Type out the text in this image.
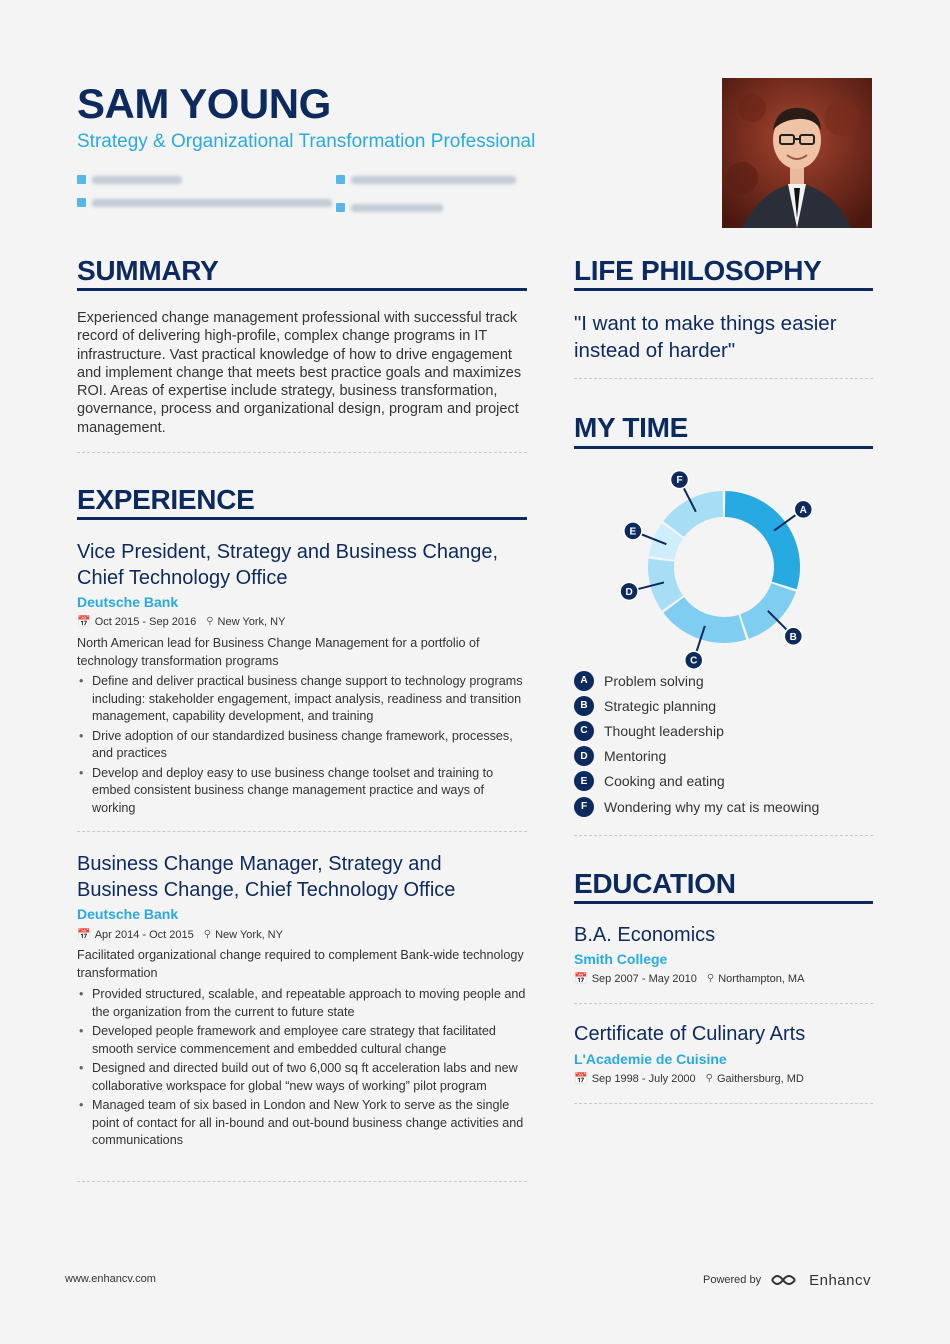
SAM YOUNG
Strategy & Organizational Transformation Professional
SUMMARY
Experienced change management professional with successful track record of delivering high-profile, complex change programs in IT infrastructure. Vast practical knowledge of how to drive engagement and implement change that meets best practice goals and maximizes ROI. Areas of expertise include strategy, business transformation, governance, process and organizational design, program and project management.
EXPERIENCE
Vice President, Strategy and Business Change, Chief Technology Office
Deutsche Bank
📅 Oct 2015 - Sep 2016 ⚲ New York, NY
North American lead for Business Change Management for a portfolio of technology transformation programs
• Define and deliver practical business change support to technology programs including: stakeholder engagement, impact analysis, readiness and transition management, capability development, and training
• Drive adoption of our standardized business change framework, processes, and practices
• Develop and deploy easy to use business change toolset and training to embed consistent business change management practice and ways of working
Business Change Manager, Strategy and Business Change, Chief Technology Office
Deutsche Bank
📅 Apr 2014 - Oct 2015 ⚲ New York, NY
Facilitated organizational change required to complement Bank-wide technology transformation
• Provided structured, scalable, and repeatable approach to moving people and the organization from the current to future state
• Developed people framework and employee care strategy that facilitated smooth service commencement and embedded cultural change
• Designed and directed build out of two 6,000 sq ft acceleration labs and new collaborative workspace for global “new ways of working” pilot program
• Managed team of six based in London and New York to serve as the single point of contact for all in-bound and out-bound business change activities and communications
LIFE PHILOSOPHY
"I want to make things easier instead of harder"
MY TIME
A
B
C
D
E
F
A	Problem solving
B	Strategic planning
C	Thought leadership
D	Mentoring
E	Cooking and eating
F	Wondering why my cat is meowing
EDUCATION
B.A. Economics
Smith College
📅 Sep 2007 - May 2010 ⚲ Northampton, MA
Certificate of Culinary Arts
L'Academie de Cuisine
📅 Sep 1998 - July 2000 ⚲ Gaithersburg, MD
www.enhancv.com	Powered by	Enhancv
